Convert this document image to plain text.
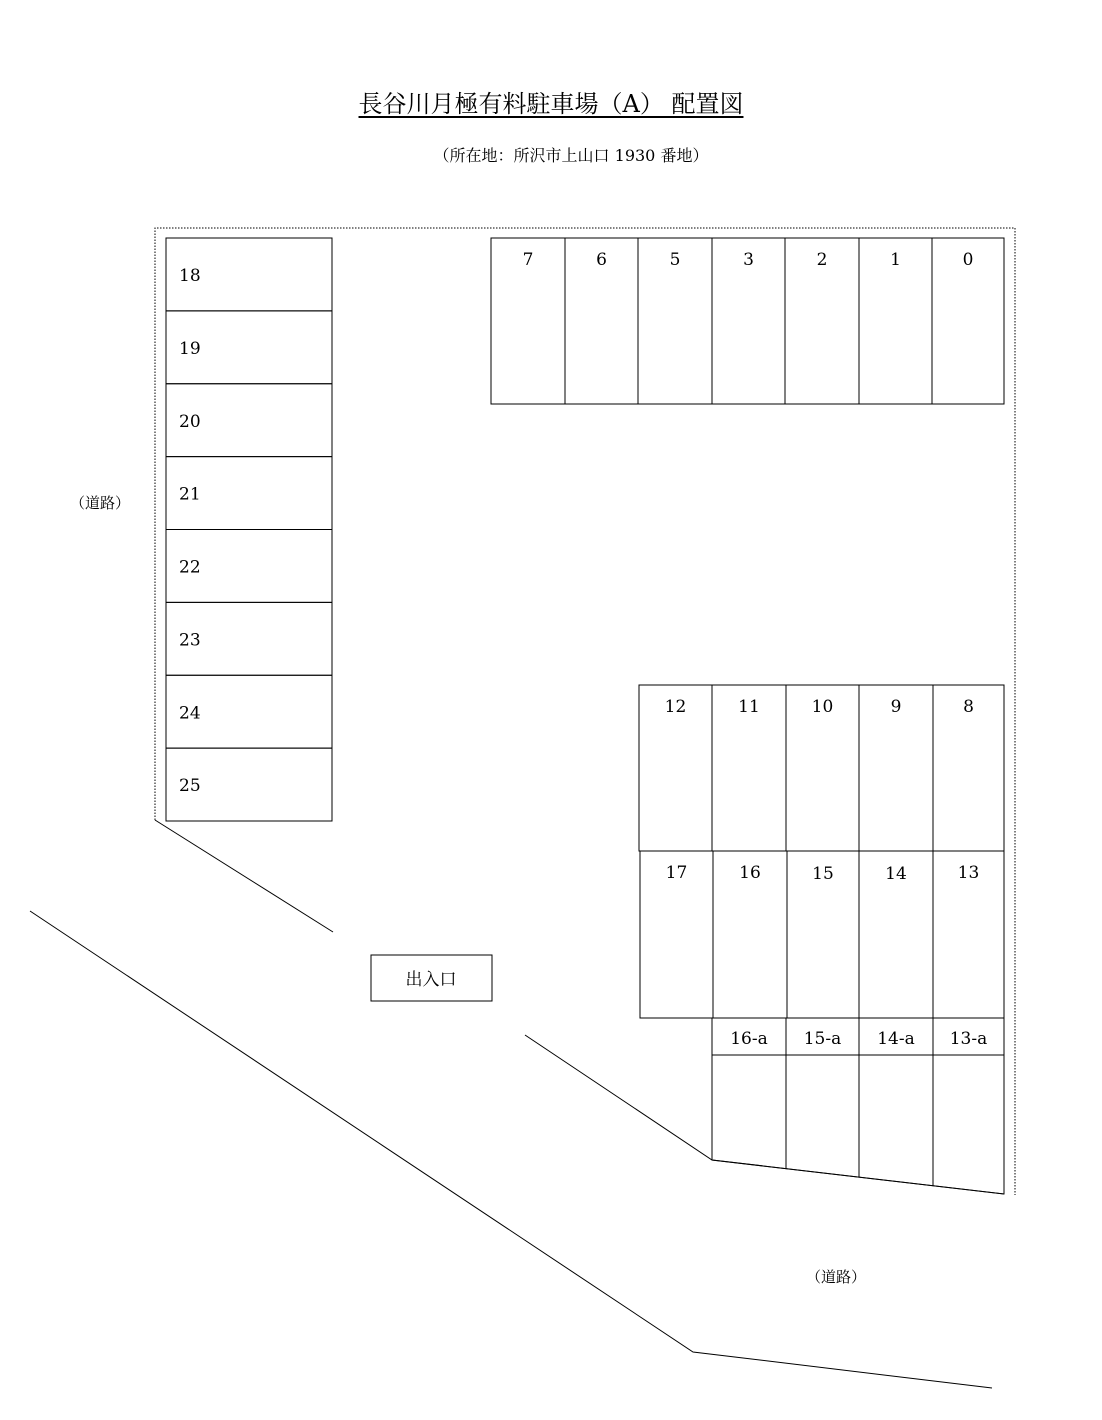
長谷川月極有料駐車場（A） 配置図
（所在地：所沢市上山口 1930 番地）
（道路）
（道路）
出入口
7	6	5	3	2	1	0
18
19
20
21
22
23
24
25
12	11	10	9	8
17	16	15	14	13
16-a 15-a 14-a 13-a
